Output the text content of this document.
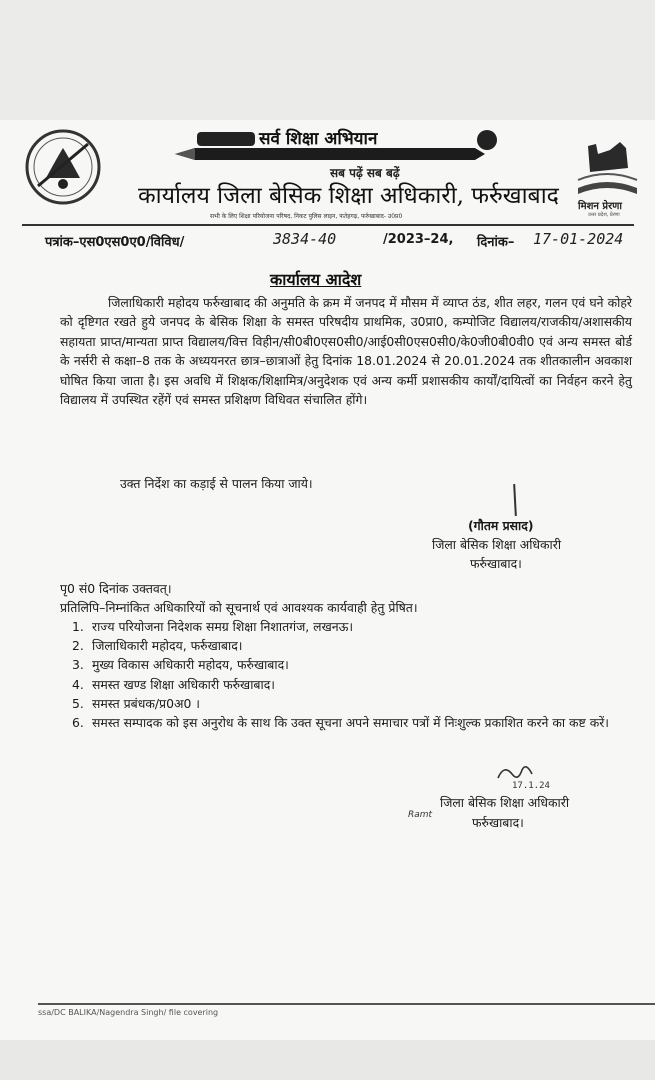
सर्व शिक्षा अभियान
सब पढ़ें सब बढ़ें
कार्यालय जिला बेसिक शिक्षा अधिकारी, फर्रुखाबाद
सभी के लिए शिक्षा परियोजना परिषद, निकट पुलिस लाइन, फतेहगढ़, फर्रुखाबाद- उ0प्र0
मिशन प्रेरणा
उत्तर प्रदेश, प्रेरणा
पत्रांक–एस0एस0ए0/विविध/	3834-40	/2023–24, दिनांक– 17-01-2024
कार्यालय आदेश
जिलाधिकारी महोदय फर्रुखाबाद की अनुमति के क्रम में जनपद में मौसम में व्याप्त ठंड, शीत लहर, गलन एवं घने कोहरे को दृष्टिगत रखते हुये जनपद के बेसिक शिक्षा के समस्त परिषदीय प्राथमिक, उ0प्रा0, कम्पोजिट विद्यालय/राजकीय/अशासकीय सहायता प्राप्त/मान्यता प्राप्त विद्यालय/वित्त विहीन/सी0बी0एस0सी0/आई0सी0एस0सी0/के0जी0बी0वी0 एवं अन्य समस्त बोर्ड के नर्सरी से कक्षा–8 तक के अध्ययनरत छात्र–छात्राओं हेतु दिनांक 18.01.2024 से 20.01.2024 तक शीतकालीन अवकाश घोषित किया जाता है। इस अवधि में शिक्षक/शिक्षामित्र/अनुदेशक एवं अन्य कर्मी प्रशासकीय कार्यों/दायित्वों का निर्वहन करने हेतु विद्यालय में उपस्थित रहेंगें एवं समस्त प्रशिक्षण विधिवत संचालित होंगे।
उक्त निर्देश का कड़ाई से पालन किया जाये।
(गौतम प्रसाद)
जिला बेसिक शिक्षा अधिकारी
फर्रुखाबाद।
पृ0 सं0 दिनांक उक्तवत्।
प्रतिलिपि–निम्नांकित अधिकारियों को सूचनार्थ एवं आवश्यक कार्यवाही हेतु प्रेषित।
1. राज्य परियोजना निदेशक समग्र शिक्षा निशातगंज, लखनऊ।
2. जिलाधिकारी महोदय, फर्रुखाबाद।
3. मुख्य विकास अधिकारी महोदय, फर्रुखाबाद।
4. समस्त खण्ड शिक्षा अधिकारी फर्रुखाबाद।
5. समस्त प्रबंधक/प्र0अ0 ।
6. समस्त सम्पादक को इस अनुरोध के साथ कि उक्त सूचना अपने समाचार पत्रों में निःशुल्क प्रकाशित करने का कष्ट करें।
17.1.24
जिला बेसिक शिक्षा अधिकारी
Ramt	फर्रुखाबाद।
ssa/DC BALIKA/Nagendra Singh/ file covering
